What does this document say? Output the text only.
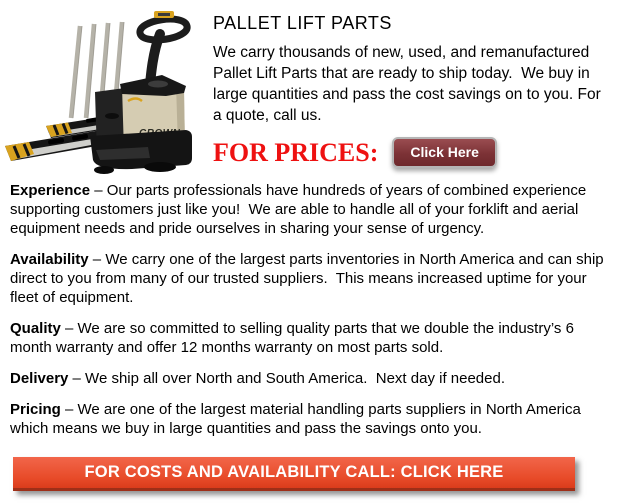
PALLET LIFT PARTS

We carry thousands of new, used, and remanufactured Pallet Lift Parts that are ready to ship today.  We buy in large quantities and pass the cost savings on to you. For a quote, call us.

FOR PRICES:	Click Here

Experience – Our parts professionals have hundreds of years of combined experience supporting customers just like you!  We are able to handle all of your forklift and aerial equipment needs and pride ourselves in sharing your sense of urgency.

Availability – We carry one of the largest parts inventories in North America and can ship direct to you from many of our trusted suppliers.  This means increased uptime for your fleet of equipment.

Quality – We are so committed to selling quality parts that we double the industry’s 6 month warranty and offer 12 months warranty on most parts sold.

Delivery – We ship all over North and South America.  Next day if needed.

Pricing – We are one of the largest material handling parts suppliers in North America which means we buy in large quantities and pass the savings onto you.

FOR COSTS AND AVAILABILITY CALL: CLICK HERE
